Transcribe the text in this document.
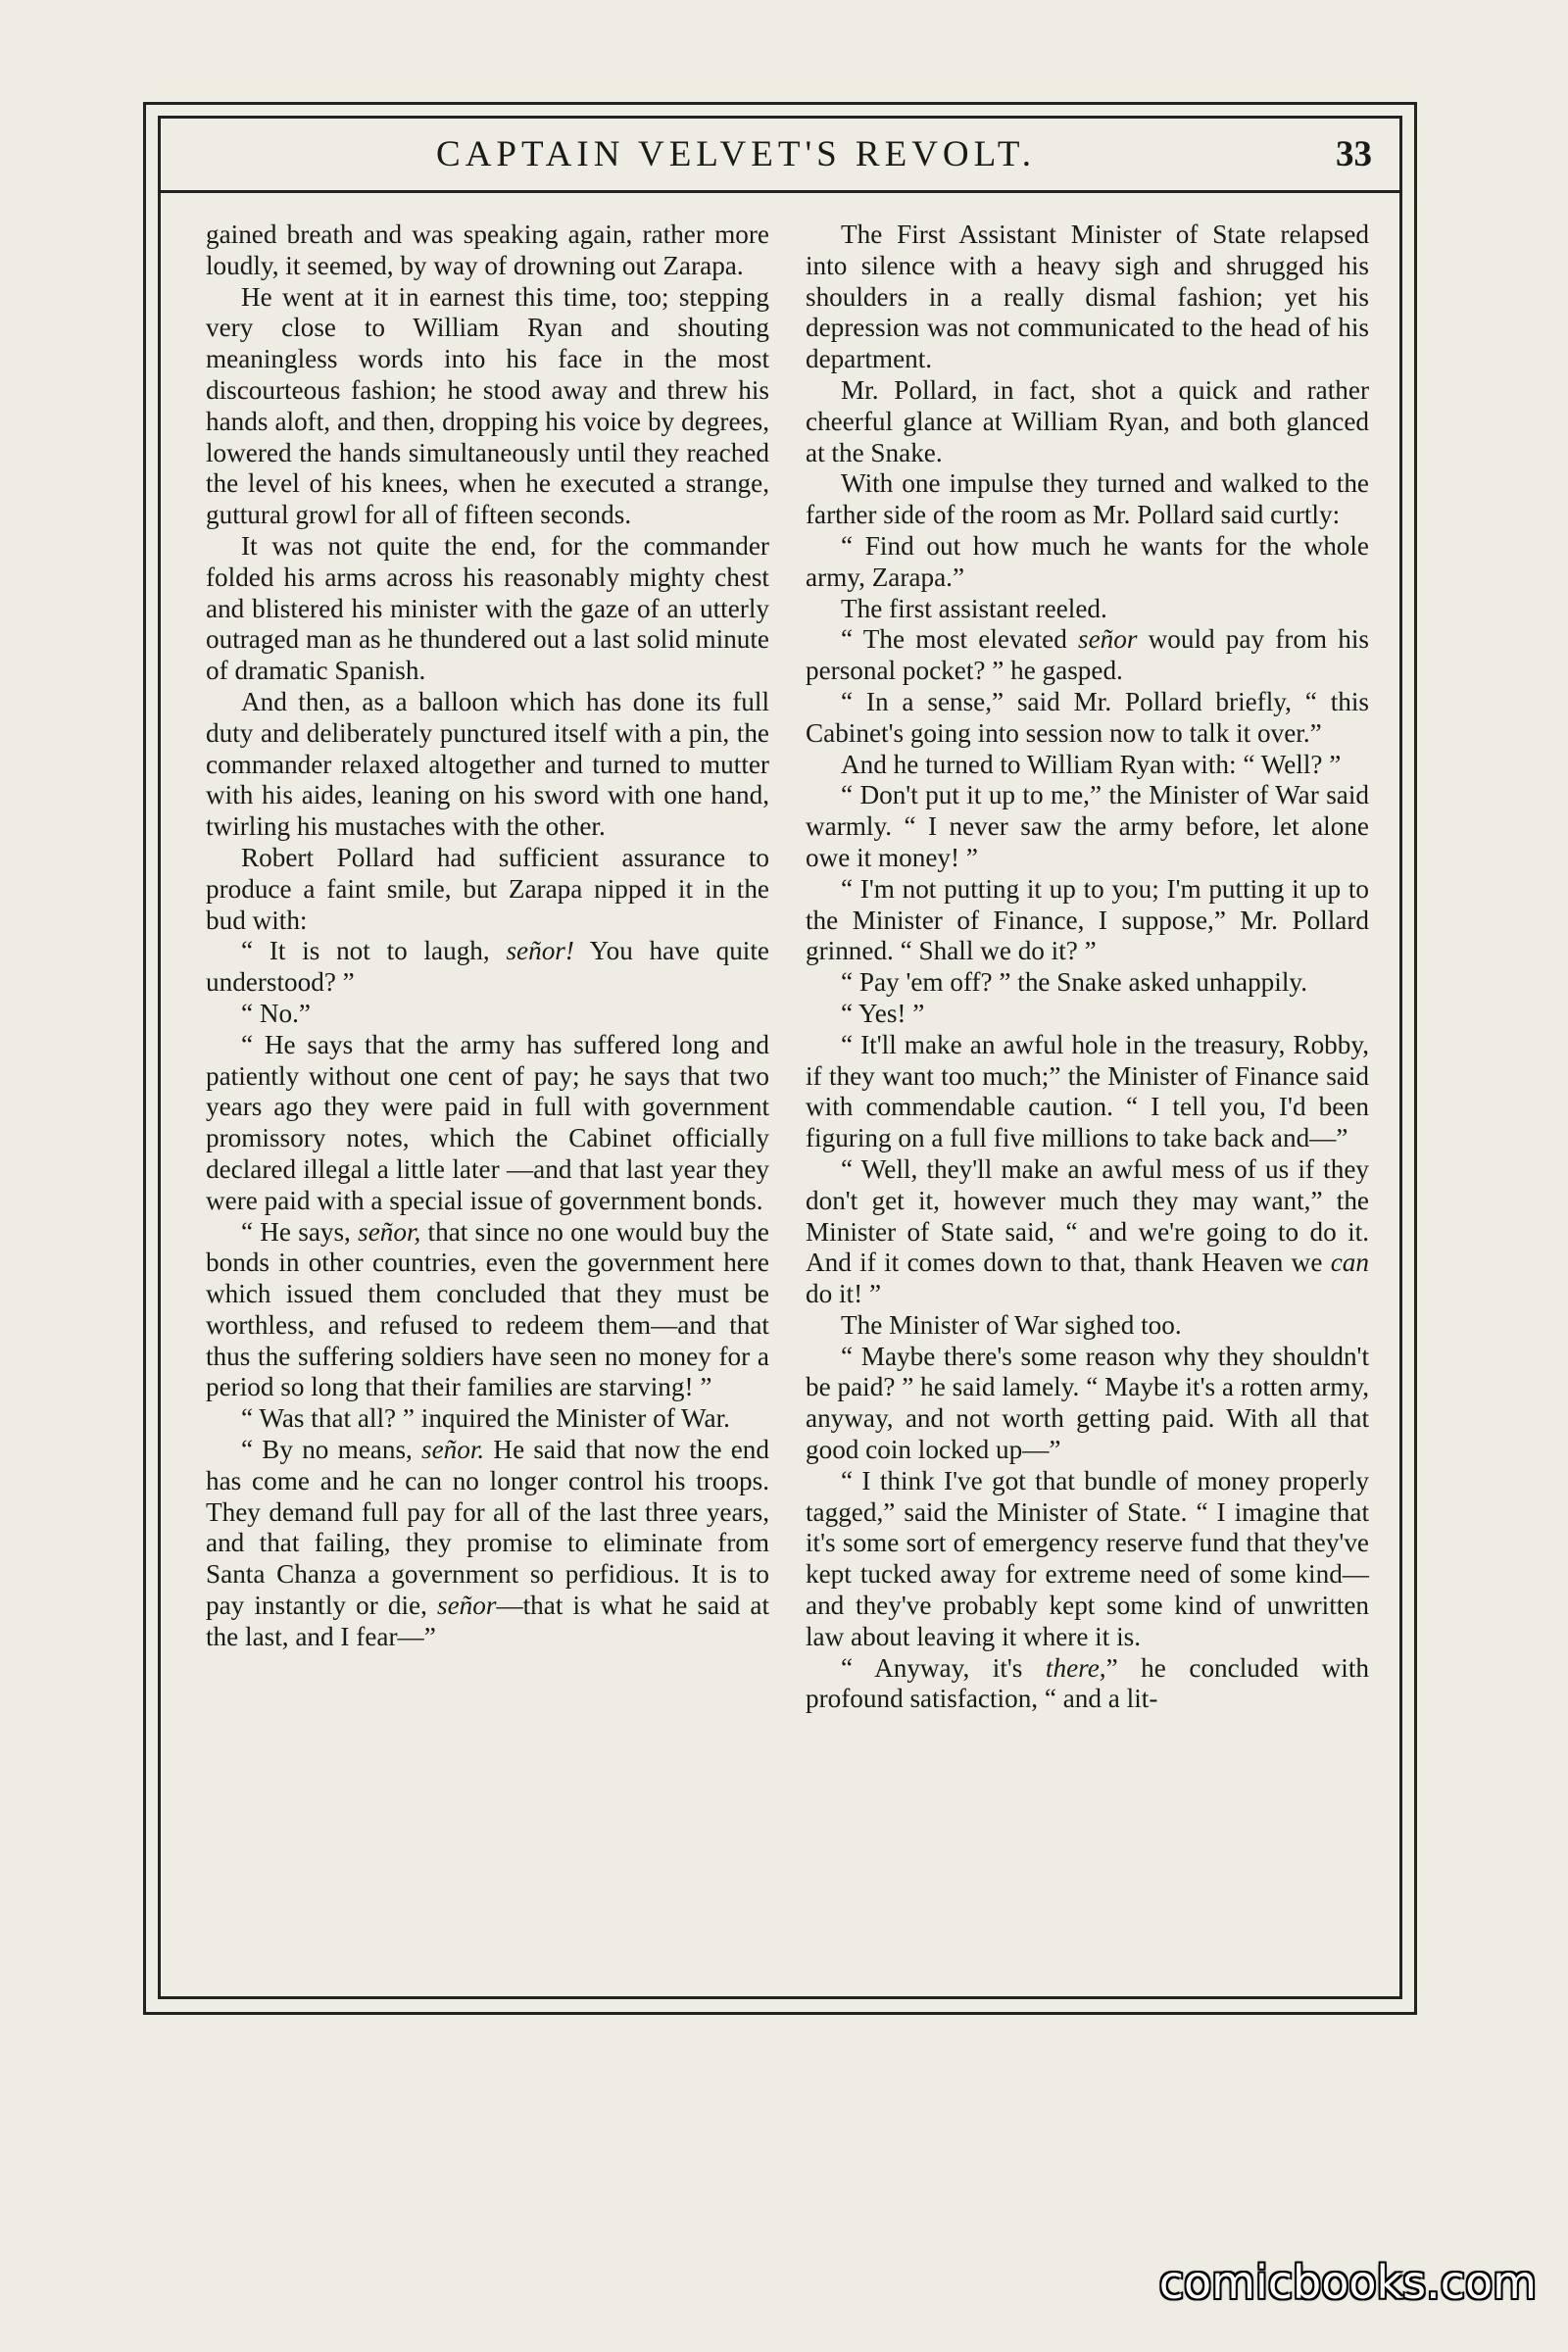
CAPTAIN VELVET'S REVOLT.	33

gained breath and was speaking again, rather more loudly, it seemed, by way of drowning out Zarapa.

He went at it in earnest this time, too; stepping very close to William Ryan and shouting meaningless words into his face in the most discourteous fashion; he stood away and threw his hands aloft, and then, dropping his voice by degrees, lowered the hands simultaneously until they reached the level of his knees, when he executed a strange, guttural growl for all of fifteen seconds.

It was not quite the end, for the commander folded his arms across his reasonably mighty chest and blistered his minister with the gaze of an utterly outraged man as he thundered out a last solid minute of dramatic Spanish.

And then, as a balloon which has done its full duty and deliberately punctured itself with a pin, the commander relaxed altogether and turned to mutter with his aides, leaning on his sword with one hand, twirling his mustaches with the other.

Robert Pollard had sufficient assurance to produce a faint smile, but Zarapa nipped it in the bud with:

“ It is not to laugh, señor! You have quite understood? ”

“ No.”

“ He says that the army has suffered long and patiently without one cent of pay; he says that two years ago they were paid in full with government promissory notes, which the Cabinet officially declared illegal a little later —and that last year they were paid with a special issue of government bonds.

“ He says, señor, that since no one would buy the bonds in other countries, even the government here which issued them concluded that they must be worthless, and refused to redeem them—and that thus the suffering soldiers have seen no money for a period so long that their families are starving! ”

“ Was that all? ” inquired the Minister of War.

“ By no means, señor. He said that now the end has come and he can no longer control his troops. They demand full pay for all of the last three years, and that failing, they promise to eliminate from Santa Chanza a government so perfidious. It is to pay instantly or die, señor—that is what he said at the last, and I fear—”

The First Assistant Minister of State relapsed into silence with a heavy sigh and shrugged his shoulders in a really dismal fashion; yet his depression was not communicated to the head of his department.

Mr. Pollard, in fact, shot a quick and rather cheerful glance at William Ryan, and both glanced at the Snake.

With one impulse they turned and walked to the farther side of the room as Mr. Pollard said curtly:

“ Find out how much he wants for the whole army, Zarapa.”

The first assistant reeled.

“ The most elevated señor would pay from his personal pocket? ” he gasped.

“ In a sense,” said Mr. Pollard briefly, “ this Cabinet's going into session now to talk it over.”

And he turned to William Ryan with: “ Well? ”

“ Don't put it up to me,” the Minister of War said warmly. “ I never saw the army before, let alone owe it money! ”

“ I'm not putting it up to you; I'm putting it up to the Minister of Finance, I suppose,” Mr. Pollard grinned. “ Shall we do it? ”

“ Pay 'em off? ” the Snake asked unhappily.

“ Yes! ”

“ It'll make an awful hole in the treasury, Robby, if they want too much;” the Minister of Finance said with commendable caution. “ I tell you, I'd been figuring on a full five millions to take back and—”

“ Well, they'll make an awful mess of us if they don't get it, however much they may want,” the Minister of State said, “ and we're going to do it. And if it comes down to that, thank Heaven we can do it! ”

The Minister of War sighed too.

“ Maybe there's some reason why they shouldn't be paid? ” he said lamely. “ Maybe it's a rotten army, anyway, and not worth getting paid. With all that good coin locked up—”

“ I think I've got that bundle of money properly tagged,” said the Minister of State. “ I imagine that it's some sort of emergency reserve fund that they've kept tucked away for extreme need of some kind—and they've probably kept some kind of unwritten law about leaving it where it is.

“ Anyway, it's there,” he concluded with profound satisfaction, “ and a lit-

comicbooks.com
